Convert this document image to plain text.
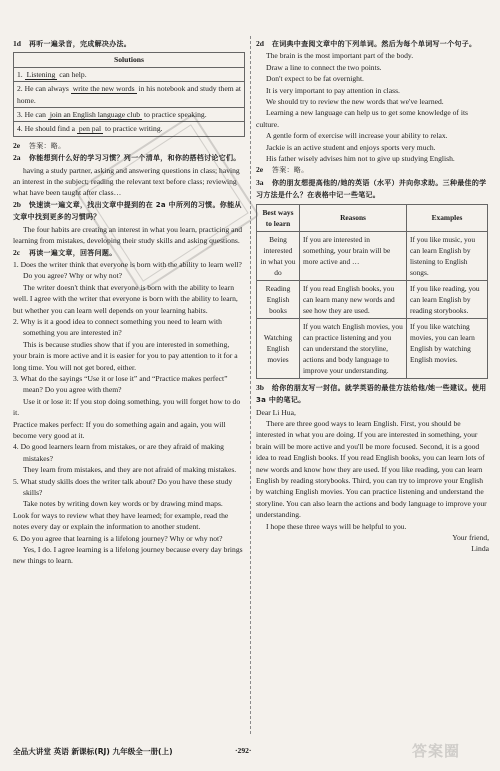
1d 再听一遍录音，完成解决办法。

Solutions
1. Listening can help.
2. He can always write the new words in his notebook and study them at home.
3. He can join an English language club to practice speaking.
4. He should find a pen pal to practice writing.

2e 答案：略。

2a 你能想到什么好的学习习惯？列一个清单，和你的搭档讨论它们。

having a study partner, asking and answering questions in class; having an interest in the subject; reading the relevant text before class; reviewing what have been taught after class…

2b 快速读一遍文章，找出文章中提到的在 2a 中所列的习惯。你能从文章中找到更多的习惯吗？

The four habits are creating an interest in what you learn, practicing and learning from mistakes, developing their study skills and asking questions.

2c 再读一遍文章，回答问题。

1. Does the writer think that everyone is born with the ability to learn well? Do you agree? Why or why not?

The writer doesn't think that everyone is born with the ability to learn well. I agree with the writer that everyone is born with the ability to learn, but whether you can learn well depends on your learning habits.

2. Why is it a good idea to connect something you need to learn with something you are interested in?

This is because studies show that if you are interested in something, your brain is more active and it is easier for you to pay attention to it for a long time. You will not get bored, either.

3. What do the sayings “Use it or lose it” and “Practice makes perfect” mean? Do you agree with them?

Use it or lose it: If you stop doing something, you will forget how to do it.
Practice makes perfect: If you do something again and again, you will become very good at it.

4. Do good learners learn from mistakes, or are they afraid of making mistakes?

They learn from mistakes, and they are not afraid of making mistakes.

5. What study skills does the writer talk about? Do you have these study skills?

Take notes by writing down key words or by drawing mind maps.
Look for ways to review what they have learned; for example, read the notes every day or explain the information to another student.

6. Do you agree that learning is a lifelong journey? Why or why not?

Yes, I do. I agree learning is a lifelong journey because every day brings new things to learn.

2d 在词典中查阅文章中的下列单词。然后为每个单词写一个句子。

The brain is the most important part of the body.

Draw a line to connect the two points.

Don't expect to be fat overnight.

It is very important to pay attention in class.

We should try to review the new words that we've learned.

Learning a new language can help us to get some knowledge of its culture.

A gentle form of exercise will increase your ability to relax.

Jackie is an active student and enjoys sports very much.

His father wisely advises him not to give up studying English.

2e 答案：略。

3a 你的朋友想提高他的/她的英语（水平）并向你求助。三种最佳的学习方法是什么？在表格中记一些笔记。

Best ways to learn	Reasons	Examples
Being interested in what you do	If you are interested in something, your brain will be more active and …	If you like music, you can learn English by listening to English songs.
Reading English books	If you read English books, you can learn many new words and see how they are used.	If you like reading, you can learn English by reading storybooks.
Watching English movies	If you watch English movies, you can practice listening and you can understand the storyline, actions and body language to improve your understanding.	If you like watching movies, you can learn English by watching English movies.

3b 给你的朋友写一封信。就学英语的最佳方法给他/她一些建议。使用 3a 中的笔记。

Dear Li Hua,

There are three good ways to learn English. First, you should be interested in what you are doing. If you are interested in something, your brain will be more active and you'll be more focused. Second, it is a good idea to read English books. If you read English books, you can learn lots of new words and know how they are used. If you like reading, you can learn English by reading storybooks. Third, you can try to improve your English by watching English movies. You can practice listening and understand the storyline. You can also learn the actions and body language to improve your understanding.

I hope these three ways will be helpful to you.

Your friend,

Linda

全品大讲堂 英语 新课标(RJ) 九年级全一册(上)	·292·	答案圈
